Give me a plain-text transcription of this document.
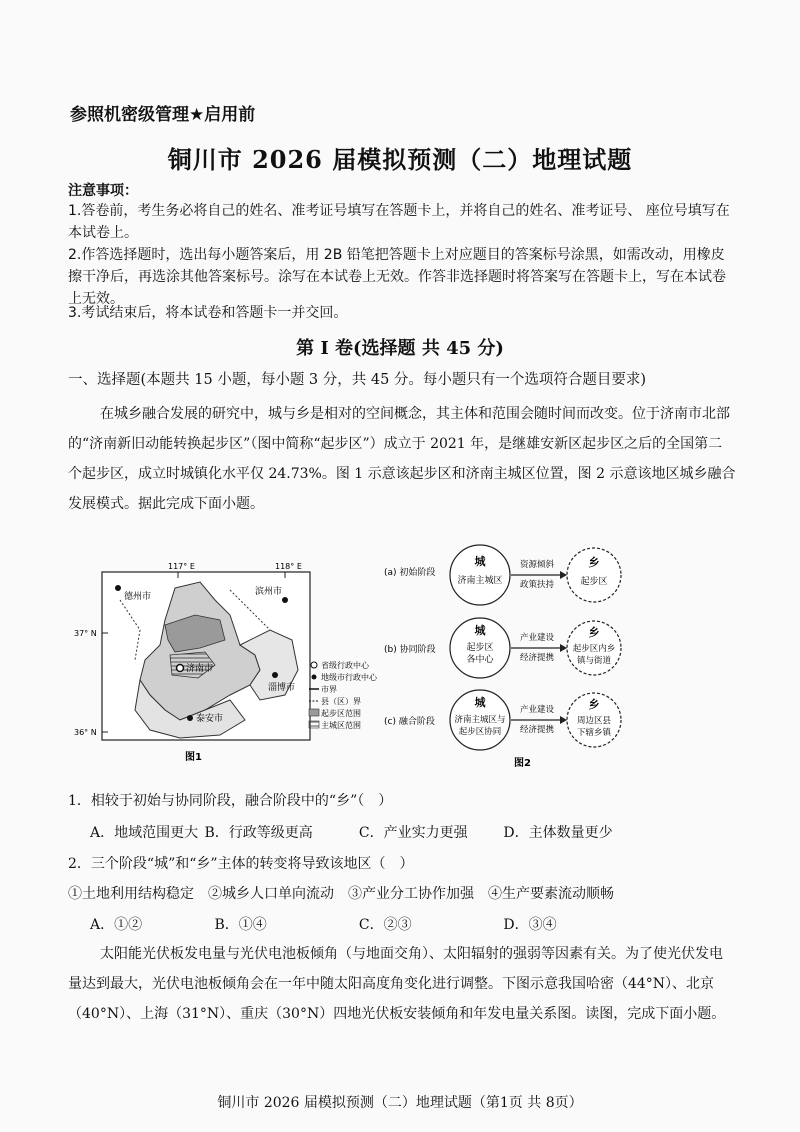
参照机密级管理★启用前
铜川市 2026 届模拟预测（二）地理试题
注意事项：
1.答卷前，考生务必将自己的姓名、准考证号填写在答题卡上，并将自己的姓名、准考证号、 座位号填写在本试卷上。
2.作答选择题时，选出每小题答案后，用 2B 铅笔把答题卡上对应题目的答案标号涂黑，如需改动，用橡皮擦干净后，再选涂其他答案标号。涂写在本试卷上无效。作答非选择题时将答案写在答题卡上，写在本试卷上无效。
3.考试结束后，将本试卷和答题卡一并交回。
第 I 卷(选择题 共 45 分)
一、选择题(本题共 15 小题，每小题 3 分，共 45 分。每小题只有一个选项符合题目要求)
在城乡融合发展的研究中，城与乡是相对的空间概念，其主体和范围会随时间而改变。位于济南市北部的“济南新旧动能转换起步区”（图中简称“起步区”）成立于 2021 年，是继雄安新区起步区之后的全国第二个起步区，成立时城镇化水平仅 24.73%。图 1 示意该起步区和济南主城区位置，图 2 示意该地区城乡融合发展模式。据此完成下面小题。
117° E	118° E
37° N
36° N
德州市	滨州市
济南市
淄博市
泰安市
省级行政中心
地级市行政中心
市界
县（区）界
起步区范围
主城区范围
图1
(a) 初始阶段
城
济南主城区
资源倾斜
政策扶持
乡
起步区
(b) 协同阶段
城
起步区
各中心
产业建设
经济提携
乡
起步区内乡
镇与街道
(c) 融合阶段
城
济南主城区与
起步区协同
产业建设
经济提携
乡
周边区县
下辖乡镇
图2
1．相较于初始与协同阶段，融合阶段中的“乡”（　）
A．地域范围更大 B．行政等级更高	C．产业实力更强	D．主体数量更少
2．三个阶段“城”和“乡”主体的转变将导致该地区（　）
①土地利用结构稳定　②城乡人口单向流动　③产业分工协作加强　④生产要素流动顺畅
A．①②	B．①④	C．②③	D．③④
太阳能光伏板发电量与光伏电池板倾角（与地面交角）、太阳辐射的强弱等因素有关。为了使光伏发电量达到最大，光伏电池板倾角会在一年中随太阳高度角变化进行调整。下图示意我国哈密（44°N）、北京（40°N）、上海（31°N）、重庆（30°N）四地光伏板安装倾角和年发电量关系图。读图，完成下面小题。
铜川市 2026 届模拟预测（二）地理试题（第1页 共 8页）
